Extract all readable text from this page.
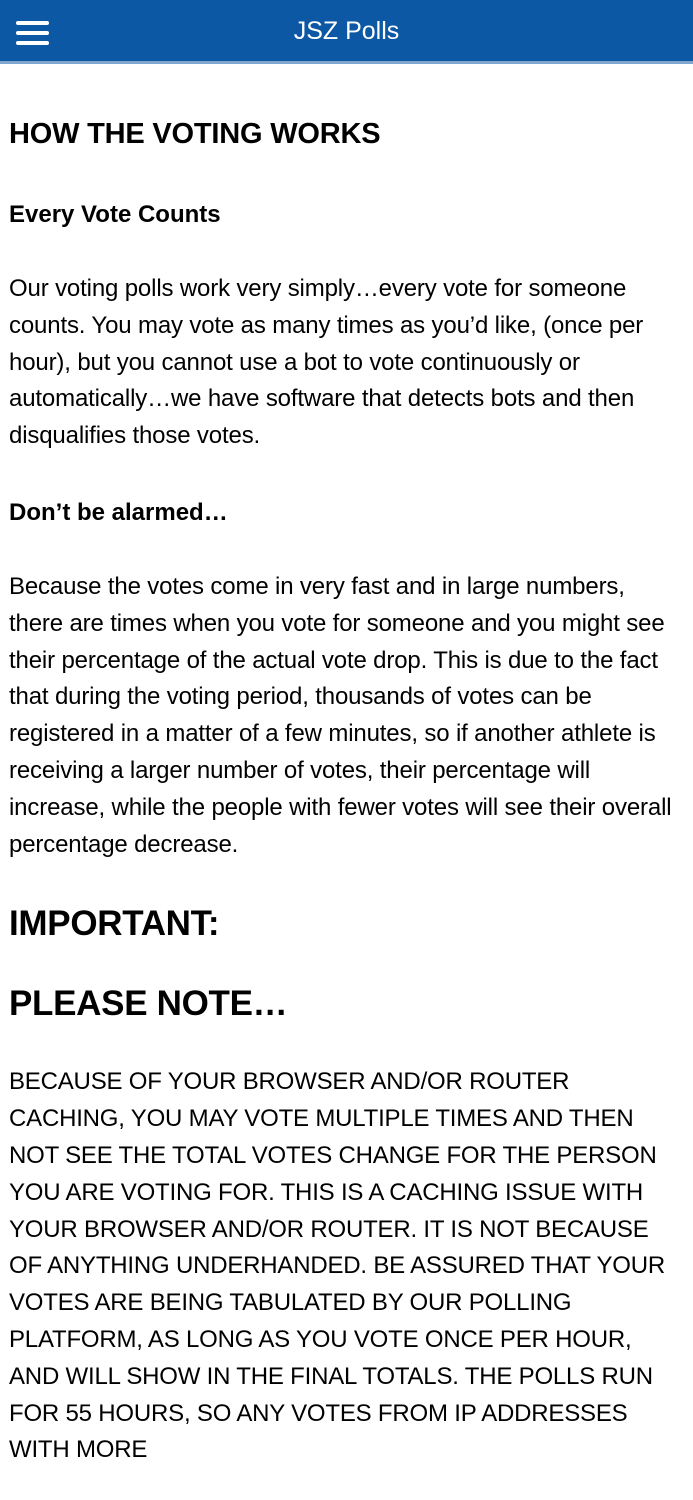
JSZ Polls
HOW THE VOTING WORKS
Every Vote Counts
Our voting polls work very simply…every vote for someone counts. You may vote as many times as you’d like, (once per hour), but you cannot use a bot to vote continuously or automatically…we have software that detects bots and then disqualifies those votes.
Don’t be alarmed…
Because the votes come in very fast and in large numbers, there are times when you vote for someone and you might see their percentage of the actual vote drop. This is due to the fact that during the voting period, thousands of votes can be registered in a matter of a few minutes, so if another athlete is receiving a larger number of votes, their percentage will increase, while the people with fewer votes will see their overall percentage decrease.
IMPORTANT:
PLEASE NOTE…
BECAUSE OF YOUR BROWSER AND/OR ROUTER CACHING, YOU MAY VOTE MULTIPLE TIMES AND THEN NOT SEE THE TOTAL VOTES CHANGE FOR THE PERSON YOU ARE VOTING FOR. THIS IS A CACHING ISSUE WITH YOUR BROWSER AND/OR ROUTER. IT IS NOT BECAUSE OF ANYTHING UNDERHANDED. BE ASSURED THAT YOUR VOTES ARE BEING TABULATED BY OUR POLLING PLATFORM, AS LONG AS YOU VOTE ONCE PER HOUR, AND WILL SHOW IN THE FINAL TOTALS. THE POLLS RUN FOR 55 HOURS, SO ANY VOTES FROM IP ADDRESSES WITH MORE
